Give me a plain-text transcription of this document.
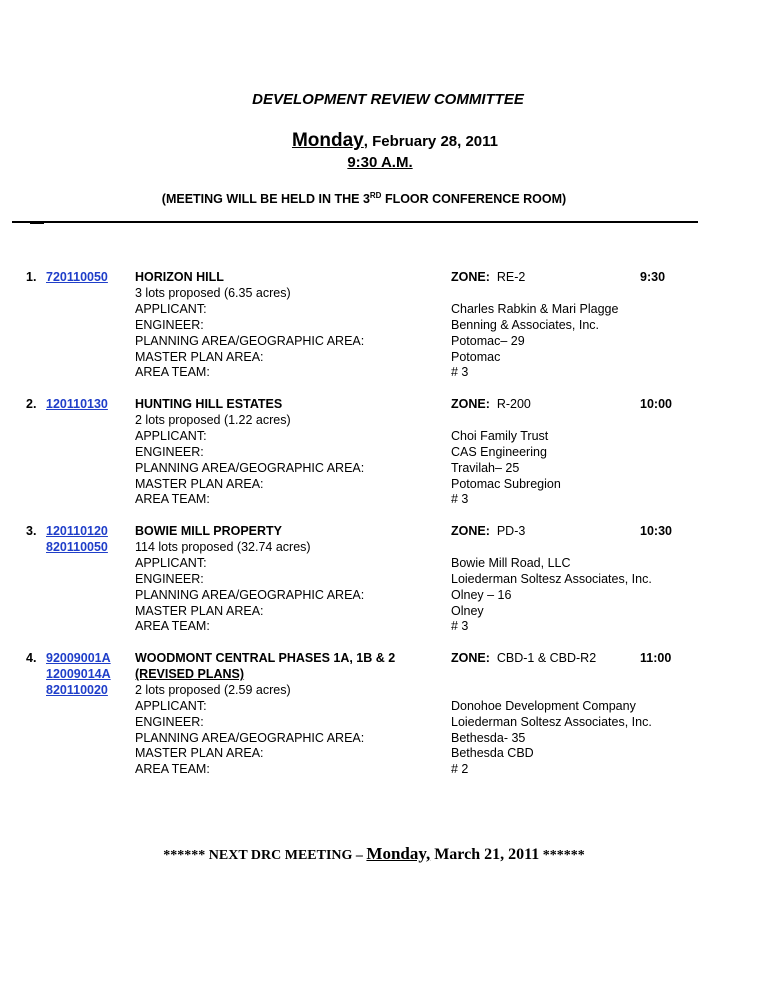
DEVELOPMENT REVIEW COMMITTEE
Monday, February 28, 2011
9:30 A.M.
(MEETING WILL BE HELD IN THE 3RD FLOOR CONFERENCE ROOM)
1. 720110050 HORIZON HILL
3 lots proposed (6.35 acres)
APPLICANT:
ENGINEER:
PLANNING AREA/GEOGRAPHIC AREA:
MASTER PLAN AREA:
AREA TEAM:
ZONE: RE-2
Charles Rabkin & Mari Plagge
Benning & Associates, Inc.
Potomac– 29
Potomac
# 3
9:30
2. 120110130 HUNTING HILL ESTATES
2 lots proposed (1.22 acres)
APPLICANT:
ENGINEER:
PLANNING AREA/GEOGRAPHIC AREA:
MASTER PLAN AREA:
AREA TEAM:
ZONE: R-200
Choi Family Trust
CAS Engineering
Travilah– 25
Potomac Subregion
# 3
10:00
3. 120110120
820110050
BOWIE MILL PROPERTY
114 lots proposed (32.74 acres)
APPLICANT:
ENGINEER:
PLANNING AREA/GEOGRAPHIC AREA:
MASTER PLAN AREA:
AREA TEAM:
ZONE: PD-3
Bowie Mill Road, LLC
Loiederman Soltesz Associates, Inc.
Olney – 16
Olney
# 3
10:30
4. 92009001A
12009014A
820110020
WOODMONT CENTRAL PHASES 1A, 1B & 2
(REVISED PLANS)
2 lots proposed (2.59 acres)
APPLICANT:
ENGINEER:
PLANNING AREA/GEOGRAPHIC AREA:
MASTER PLAN AREA:
AREA TEAM:
ZONE: CBD-1 & CBD-R2
Donohoe Development Company
Loiederman Soltesz Associates, Inc.
Bethesda- 35
Bethesda CBD
# 2
11:00
****** NEXT DRC MEETING – Monday, March 21, 2011 ******
